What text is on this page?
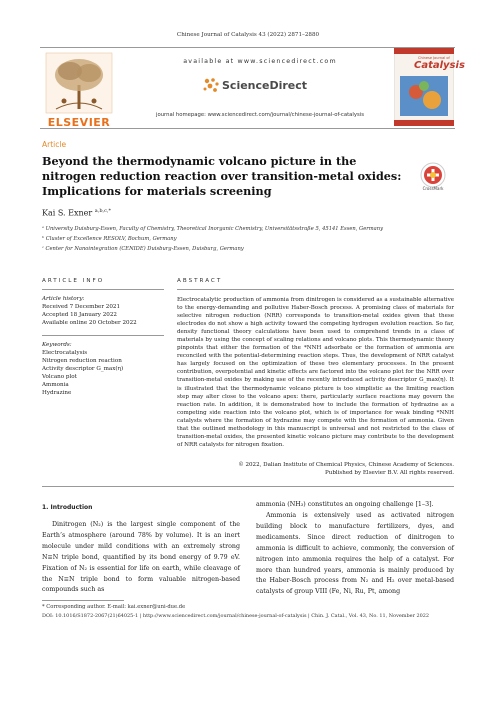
Chinese Journal of Catalysis 43 (2022) 2871–2880
ELSEVIER
available at www.sciencedirect.com
ScienceDirect
journal homepage: www.sciencedirect.com/journal/chinese-journal-of-catalysis
Chinese Journal of
Catalysis
Article
Beyond the thermodynamic volcano picture in the nitrogen reduction reaction over transition-metal oxides: Implications for materials screening	CrossMark
Kai S. Exner $^{a,b,c,*}$
ᵃ University Duisburg-Essen, Faculty of Chemistry, Theoretical Inorganic Chemistry, Universitätsstraße 5, 45141 Essen, Germany
ᵇ Cluster of Excellence RESOLV, Bochum, Germany
ᶜ Center for Nanointegration (CENIDE) Duisburg-Essen, Duisburg, Germany
ARTICLE INFO	ABSTRACT
Article history:
Received 7 December 2021
Accepted 18 January 2022
Available online 20 October 2022
Keywords:
Electrocatalysis
Nitrogen reduction reaction
Activity descriptor G_max(η)
Volcano plot
Ammonia
Hydrazine
Electrocatalytic production of ammonia from dinitrogen is considered as a sustainable alternative to the energy-demanding and pollutive Haber-Bosch process. A promising class of materials for selective nitrogen reduction (NRR) corresponds to transition-metal oxides given that these electrodes do not show a high activity toward the competing hydrogen evolution reaction. So far, density functional theory calculations have been used to comprehend trends in a class of materials by using the concept of scaling relations and volcano plots. This thermodynamic theory pinpoints that either the formation of the *NNH adsorbate or the formation of ammonia are reconciled with the potential-determining reaction steps. Thus, the development of NRR catalyst has largely focused on the optimization of these two elementary processes. In the present contribution, overpotential and kinetic effects are factored into the volcano plot for the NRR over transition-metal oxides by making use of the recently introduced activity descriptor G_max(η). It is illustrated that the thermodynamic volcano picture is too simplistic as the limiting reaction step may alter close to the volcano apex: there, particularly surface reactions may govern the reaction rate. In addition, it is demonstrated how to include the formation of hydrazine as a competing side reaction into the volcano plot, which is of importance for weak binding *NNH catalysts where the formation of hydrazine may compete with the formation of ammonia. Given that the outlined methodology in this manuscript is universal and not restricted to the class of transition-metal oxides, the presented kinetic volcano picture may contribute to the development of NRR catalysts for nitrogen fixation.
© 2022, Dalian Institute of Chemical Physics, Chinese Academy of Sciences.
Published by Elsevier B.V. All rights reserved.
1. Introduction
Dinitrogen (N₂) is the largest single component of the Earth’s atmosphere (around 78% by volume). It is an inert molecule under mild conditions with an extremely strong N≡N triple bond, quantified by its bond energy of 9.79 eV. Fixation of N₂ is essential for life on earth, while cleavage of the N≡N triple bond to form valuable nitrogen-based compounds such as
ammonia (NH₃) constitutes an ongoing challenge [1–3].
Ammonia is extensively used as activated nitrogen building block to manufacture fertilizers, dyes, and medicaments. Since direct reduction of dinitrogen to ammonia is difficult to achieve, commonly, the conversion of nitrogen into ammonia requires the help of a catalyst. For more than hundred years, ammonia is mainly produced by the Haber-Bosch process from N₂ and H₂ over metal-based catalysts of group VIII (Fe, Ni, Ru, Pt, among
* Corresponding author. E-mail: kai.exner@uni-due.de
DOI: 10.1016/S1872-2067(21)64025-1 | http://www.sciencedirect.com/journal/chinese-journal-of-catalysis | Chin. J. Catal., Vol. 43, No. 11, November 2022
